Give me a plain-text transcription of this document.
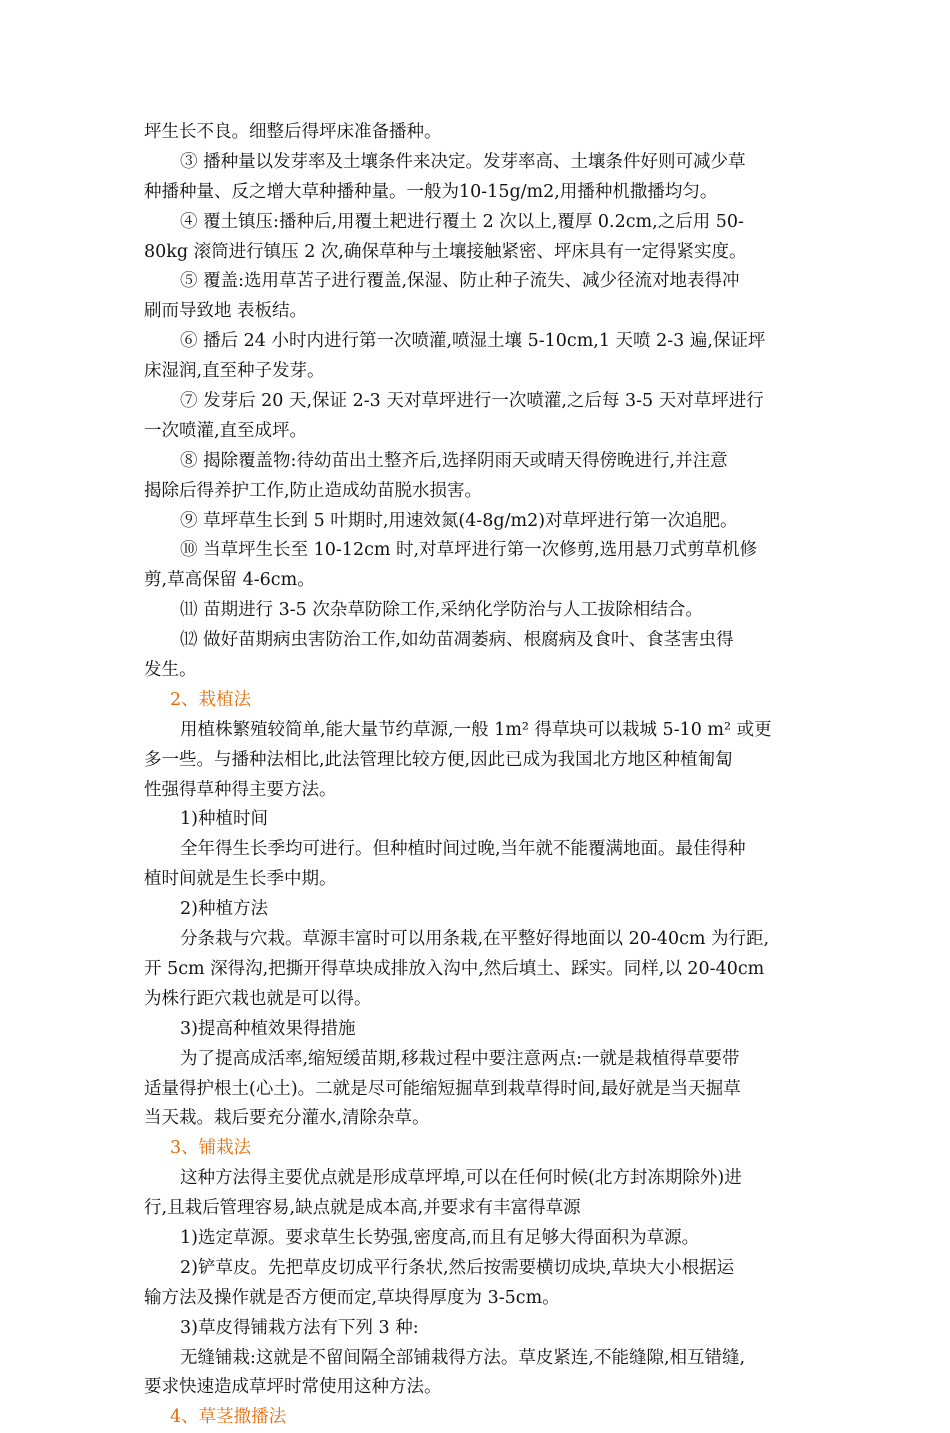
坪生长不良。细整后得坪床准备播种。

③ 播种量以发芽率及土壤条件来决定。发芽率高、土壤条件好则可减少草

种播种量、反之增大草种播种量。一般为10-15g/m2,用播种机撒播均匀。

④ 覆土镇压:播种后,用覆土耙进行覆土 2 次以上,覆厚 0.2cm,之后用 50-

80kg 滚筒进行镇压 2 次,确保草种与土壤接触紧密、坪床具有一定得紧实度。

⑤ 覆盖:选用草苫子进行覆盖,保湿、防止种子流失、减少径流对地表得冲

刷而导致地 表板结。

⑥ 播后 24 小时内进行第一次喷灌,喷湿土壤 5-10cm,1 天喷 2-3 遍,保证坪

床湿润,直至种子发芽。

⑦ 发芽后 20 天,保证 2-3 天对草坪进行一次喷灌,之后每 3-5 天对草坪进行

一次喷灌,直至成坪。

⑧ 揭除覆盖物:待幼苗出土整齐后,选择阴雨天或晴天得傍晚进行,并注意

揭除后得养护工作,防止造成幼苗脱水损害。

⑨ 草坪草生长到 5 叶期时,用速效氮(4-8g/m2)对草坪进行第一次追肥。

⑩ 当草坪生长至 10-12cm 时,对草坪进行第一次修剪,选用悬刀式剪草机修

剪,草高保留 4-6cm。

⑾ 苗期进行 3-5 次杂草防除工作,采纳化学防治与人工拔除相结合。

⑿ 做好苗期病虫害防治工作,如幼苗凋萎病、根腐病及食叶、食茎害虫得

发生。

2、栽植法

用植株繁殖较简单,能大量节约草源,一般 1m² 得草块可以栽城 5-10 m² 或更

多一些。与播种法相比,此法管理比较方便,因此已成为我国北方地区种植匍匐

性强得草种得主要方法。

1)种植时间

全年得生长季均可进行。但种植时间过晚,当年就不能覆满地面。最佳得种

植时间就是生长季中期。

2)种植方法

分条栽与穴栽。草源丰富时可以用条栽,在平整好得地面以 20-40cm 为行距,

开 5cm 深得沟,把撕开得草块成排放入沟中,然后填土、踩实。同样,以 20-40cm

为株行距穴栽也就是可以得。

3)提高种植效果得措施

为了提高成活率,缩短缓苗期,移栽过程中要注意两点:一就是栽植得草要带

适量得护根土(心土)。二就是尽可能缩短掘草到栽草得时间,最好就是当天掘草

当天栽。栽后要充分灌水,清除杂草。

3、铺栽法

这种方法得主要优点就是形成草坪埠,可以在任何时候(北方封冻期除外)进

行,且栽后管理容易,缺点就是成本高,并要求有丰富得草源

1)选定草源。要求草生长势强,密度高,而且有足够大得面积为草源。

2)铲草皮。先把草皮切成平行条状,然后按需要横切成块,草块大小根据运

输方法及操作就是否方便而定,草块得厚度为 3-5cm。

3)草皮得铺栽方法有下列 3 种:

无缝铺栽:这就是不留间隔全部铺栽得方法。草皮紧连,不能缝隙,相互错缝,

要求快速造成草坪时常使用这种方法。

4、草茎撒播法
